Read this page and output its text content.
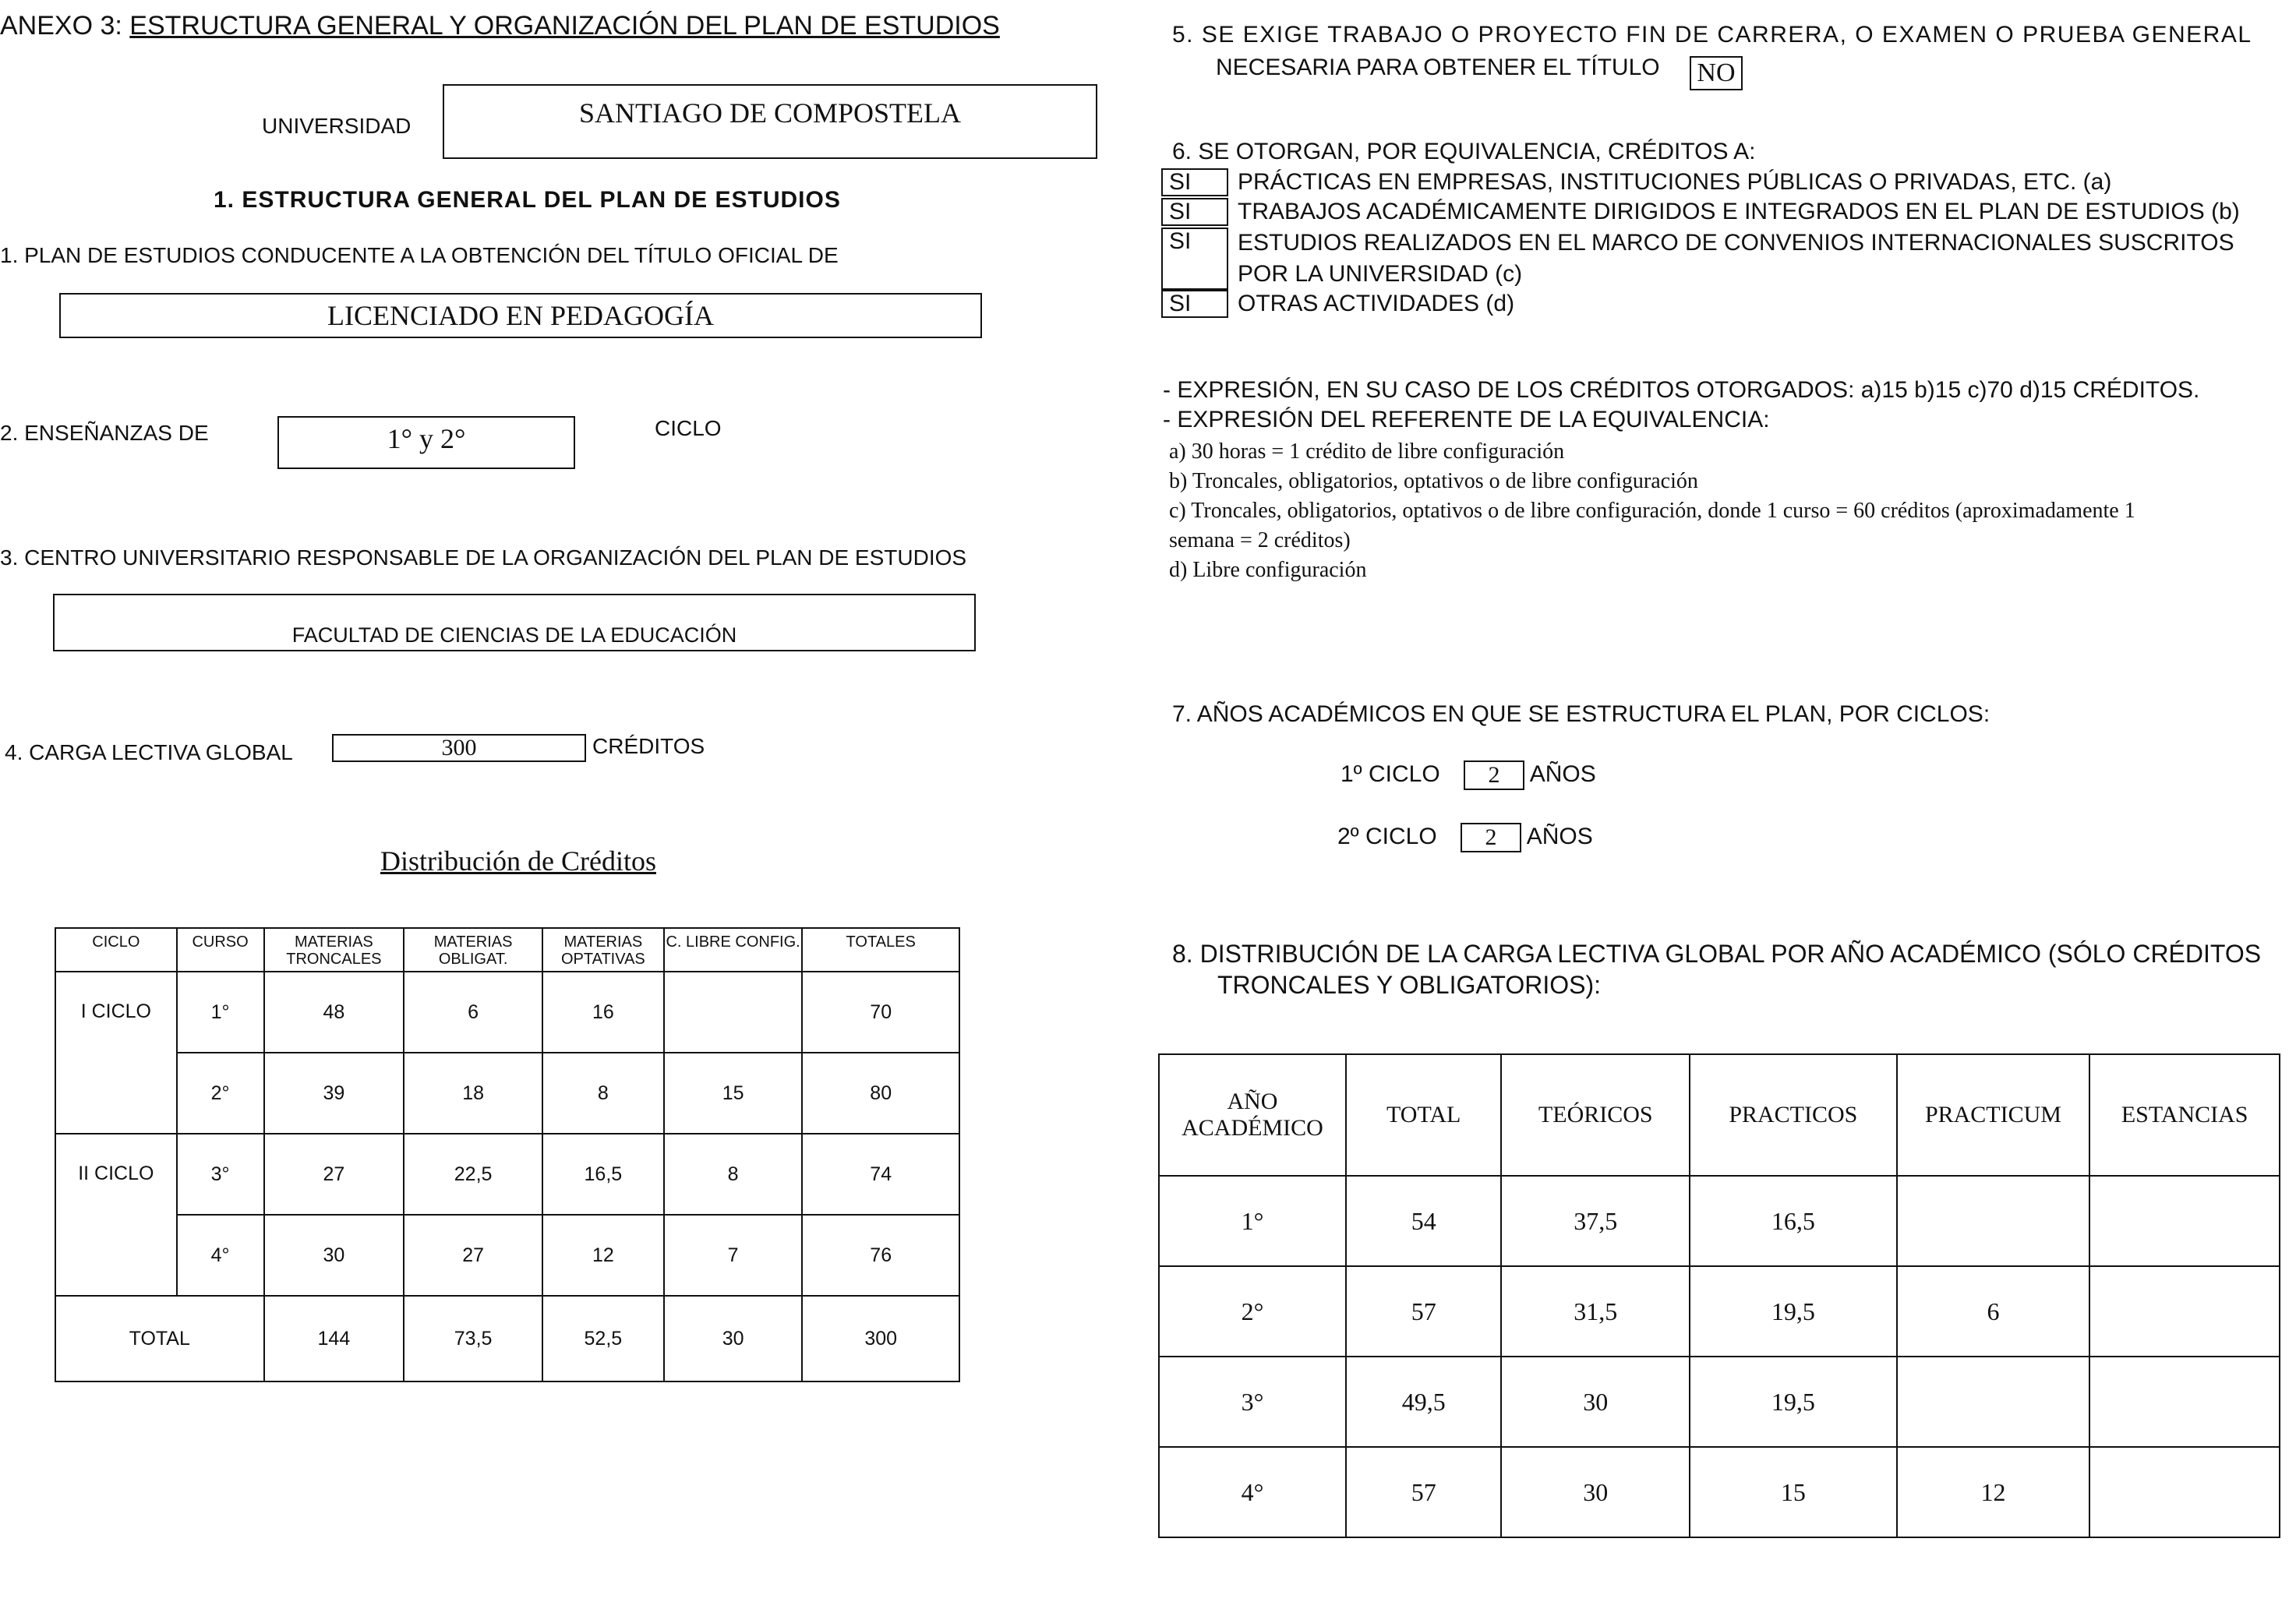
ANEXO 3: ESTRUCTURA GENERAL Y ORGANIZACIÓN DEL PLAN DE ESTUDIOS
UNIVERSIDAD	SANTIAGO DE COMPOSTELA
1. ESTRUCTURA GENERAL DEL PLAN DE ESTUDIOS
1. PLAN DE ESTUDIOS CONDUCENTE A LA OBTENCIÓN DEL TÍTULO OFICIAL DE
LICENCIADO EN PEDAGOGÍA
2. ENSEÑANZAS DE	1° y 2°	CICLO
3. CENTRO UNIVERSITARIO RESPONSABLE DE LA ORGANIZACIÓN DEL PLAN DE ESTUDIOS
FACULTAD DE CIENCIAS DE LA EDUCACIÓN
4. CARGA LECTIVA GLOBAL	300	CRÉDITOS
Distribución de Créditos
CICLO	CURSO	MATERIAS TRONCALES	MATERIAS OBLIGAT.	MATERIAS OPTATIVAS	C. LIBRE CONFIG.	TOTALES
I CICLO	1°	48	6	16		70
	2°	39	18	8	15	80
II CICLO	3°	27	22,5	16,5	8	74
	4°	30	27	12	7	76
TOTAL		144	73,5	52,5	30	300
5. SE EXIGE TRABAJO O PROYECTO FIN DE CARRERA, O EXAMEN O PRUEBA GENERAL
NECESARIA PARA OBTENER EL TÍTULO NO
6. SE OTORGAN, POR EQUIVALENCIA, CRÉDITOS A:
SI	PRÁCTICAS EN EMPRESAS, INSTITUCIONES PÚBLICAS O PRIVADAS, ETC. (a)
SI	TRABAJOS ACADÉMICAMENTE DIRIGIDOS E INTEGRADOS EN EL PLAN DE ESTUDIOS (b)
SI	ESTUDIOS REALIZADOS EN EL MARCO DE CONVENIOS INTERNACIONALES SUSCRITOS
POR LA UNIVERSIDAD (c)
SI	OTRAS ACTIVIDADES (d)
- EXPRESIÓN, EN SU CASO DE LOS CRÉDITOS OTORGADOS: a)15 b)15 c)70 d)15 CRÉDITOS.
- EXPRESIÓN DEL REFERENTE DE LA EQUIVALENCIA:
a) 30 horas = 1 crédito de libre configuración
b) Troncales, obligatorios, optativos o de libre configuración
c) Troncales, obligatorios, optativos o de libre configuración, donde 1 curso = 60 créditos (aproximadamente 1
semana = 2 créditos)
d) Libre configuración
7. AÑOS ACADÉMICOS EN QUE SE ESTRUCTURA EL PLAN, POR CICLOS:
1º CICLO 2 AÑOS
2º CICLO 2 AÑOS
8. DISTRIBUCIÓN DE LA CARGA LECTIVA GLOBAL POR AÑO ACADÉMICO (SÓLO CRÉDITOS
TRONCALES Y OBLIGATORIOS):
AÑO ACADÉMICO	TOTAL	TEÓRICOS	PRACTICOS	PRACTICUM	ESTANCIAS
1°	54	37,5	16,5		
2°	57	31,5	19,5	6	
3°	49,5	30	19,5		
4°	57	30	15	12	
